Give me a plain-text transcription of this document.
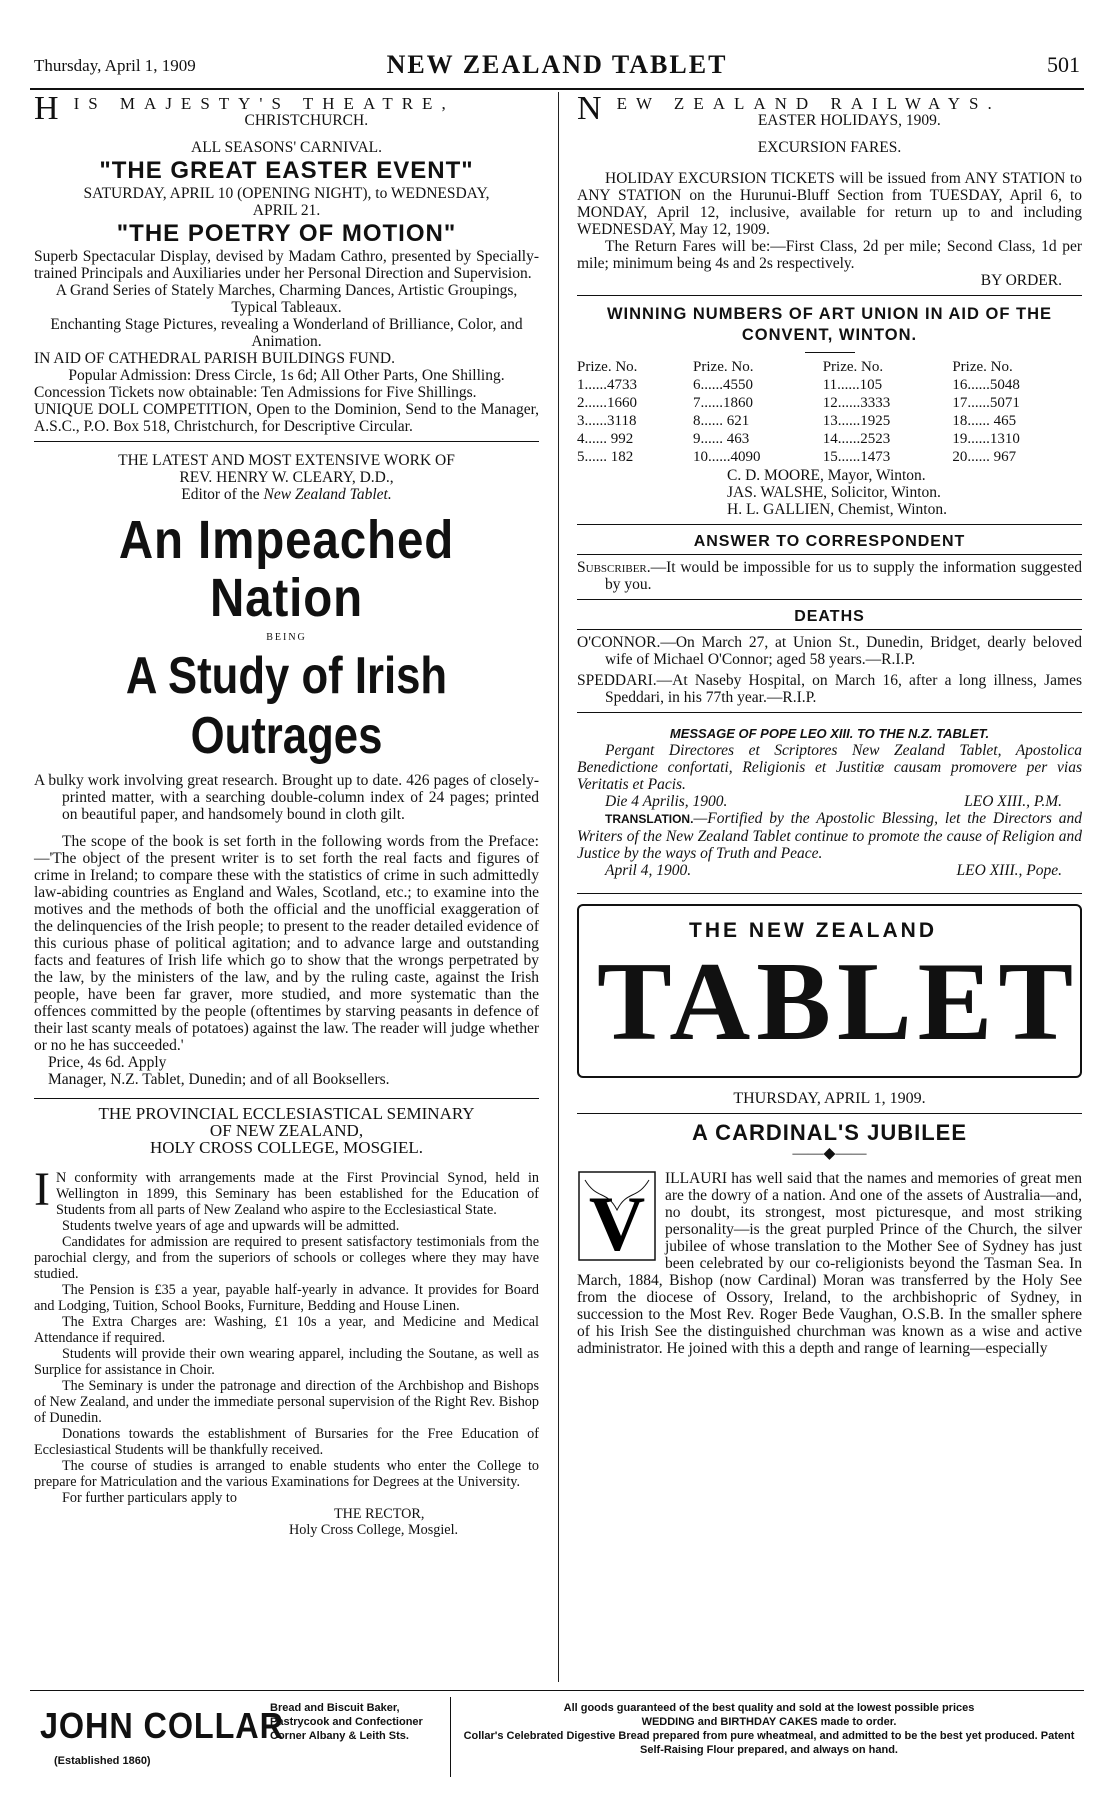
Thursday, April 1, 1909	NEW ZEALAND TABLET	501
HIS MAJESTY'S THEATRE,
CHRISTCHURCH.
ALL SEASONS' CARNIVAL.
"THE GREAT EASTER EVENT"
SATURDAY, APRIL 10 (OPENING NIGHT), to WEDNESDAY, APRIL 21.
"THE POETRY OF MOTION"
Superb Spectacular Display, devised by Madam Cathro, presented by Specially-trained Principals and Auxiliaries under her Personal Direction and Supervision.
A Grand Series of Stately Marches, Charming Dances, Artistic Groupings, Typical Tableaux.
Enchanting Stage Pictures, revealing a Wonderland of Brilliance, Color, and Animation.
IN AID OF CATHEDRAL PARISH BUILDINGS FUND.
Popular Admission: Dress Circle, 1s 6d; All Other Parts, One Shilling.
Concession Tickets now obtainable: Ten Admissions for Five Shillings.
UNIQUE DOLL COMPETITION, Open to the Dominion, Send to the Manager, A.S.C., P.O. Box 518, Christchurch, for Descriptive Circular.
THE LATEST AND MOST EXTENSIVE WORK OF
REV. HENRY W. CLEARY, D.D.,
Editor of the New Zealand Tablet.
An Impeached Nation
BEING
A Study of Irish Outrages
A bulky work involving great research. Brought up to date. 426 pages of closely-printed matter, with a searching double-column index of 24 pages; printed on beautiful paper, and handsomely bound in cloth gilt.
The scope of the book is set forth in the following words from the Preface:—'The object of the present writer is to set forth the real facts and figures of crime in Ireland; to compare these with the statistics of crime in such admittedly law-abiding countries as England and Wales, Scotland, etc.; to examine into the motives and the methods of both the official and the unofficial exaggeration of the delinquencies of the Irish people; to present to the reader detailed evidence of this curious phase of political agitation; and to advance large and outstanding facts and features of Irish life which go to show that the wrongs perpetrated by the law, by the ministers of the law, and by the ruling caste, against the Irish people, have been far graver, more studied, and more systematic than the offences committed by the people (oftentimes by starving peasants in defence of their last scanty meals of potatoes) against the law. The reader will judge whether or no he has succeeded.'
Price, 4s 6d. Apply
Manager, N.Z. Tablet, Dunedin; and of all Booksellers.
THE PROVINCIAL ECCLESIASTICAL SEMINARY
OF NEW ZEALAND,
HOLY CROSS COLLEGE, MOSGIEL.
I N conformity with arrangements made at the First Provincial Synod, held in Wellington in 1899, this Seminary has been established for the Education of Students from all parts of New Zealand who aspire to the Ecclesiastical State.
Students twelve years of age and upwards will be admitted.
Candidates for admission are required to present satisfactory testimonials from the parochial clergy, and from the superiors of schools or colleges where they may have studied.
The Pension is £35 a year, payable half-yearly in advance. It provides for Board and Lodging, Tuition, School Books, Furniture, Bedding and House Linen.
The Extra Charges are: Washing, £1 10s a year, and Medicine and Medical Attendance if required.
Students will provide their own wearing apparel, including the Soutane, as well as Surplice for assistance in Choir.
The Seminary is under the patronage and direction of the Archbishop and Bishops of New Zealand, and under the immediate personal supervision of the Right Rev. Bishop of Dunedin.
Donations towards the establishment of Bursaries for the Free Education of Ecclesiastical Students will be thankfully received.
The course of studies is arranged to enable students who enter the College to prepare for Matriculation and the various Examinations for Degrees at the University.
For further particulars apply to
THE RECTOR,
Holy Cross College, Mosgiel.
NEW ZEALAND RAILWAYS.
EASTER HOLIDAYS, 1909.
EXCURSION FARES.
HOLIDAY EXCURSION TICKETS will be issued from ANY STATION to ANY STATION on the Hurunui-Bluff Section from TUESDAY, April 6, to MONDAY, April 12, inclusive, available for return up to and including WEDNESDAY, May 12, 1909.
The Return Fares will be:—First Class, 2d per mile; Second Class, 1d per mile; minimum being 4s and 2s respectively.
BY ORDER.
WINNING NUMBERS OF ART UNION IN AID OF THE CONVENT, WINTON.
Prize. No.	Prize. No.	Prize. No.	Prize. No.
1......4733	6......4550	11......105	16......5048
2......1660	7......1860	12......3333	17......5071
3......3118	8...... 621	13......1925	18...... 465
4...... 992	9...... 463	14......2523	19......1310
5...... 182	10......4090	15......1473	20...... 967
C. D. MOORE, Mayor, Winton.
JAS. WALSHE, Solicitor, Winton.
H. L. GALLIEN, Chemist, Winton.
ANSWER TO CORRESPONDENT
Subscriber.—It would be impossible for us to supply the information suggested by you.
DEATHS
O'CONNOR.—On March 27, at Union St., Dunedin, Bridget, dearly beloved wife of Michael O'Connor; aged 58 years.—R.I.P.
SPEDDARI.—At Naseby Hospital, on March 16, after a long illness, James Speddari, in his 77th year.—R.I.P.
MESSAGE OF POPE LEO XIII. TO THE N.Z. TABLET.
Pergant Directores et Scriptores New Zealand Tablet, Apostolica Benedictione confortati, Religionis et Justitiæ causam promovere per vias Veritatis et Pacis.
Die 4 Aprilis, 1900.	LEO XIII., P.M.
TRANSLATION.—Fortified by the Apostolic Blessing, let the Directors and Writers of the New Zealand Tablet continue to promote the cause of Religion and Justice by the ways of Truth and Peace.
April 4, 1900.	LEO XIII., Pope.
THE NEW ZEALAND
TABLET
THURSDAY, APRIL 1, 1909.
A CARDINAL'S JUBILEE
——◆——
V
ILLAURI has well said that the names and memories of great men are the dowry of a nation. And one of the assets of Australia—and, no doubt, its strongest, most picturesque, and most striking personality—is the great purpled Prince of the Church, the silver jubilee of whose translation to the Mother See of Sydney has just been celebrated by our co-religionists beyond the Tasman Sea. In March, 1884, Bishop (now Cardinal) Moran was transferred by the Holy See from the diocese of Ossory, Ireland, to the archbishopric of Sydney, in succession to the Most Rev. Roger Bede Vaughan, O.S.B. In the smaller sphere of his Irish See the distinguished churchman was known as a wise and active administrator. He joined with this a depth and range of learning—especially
JOHN COLLAR
Bread and Biscuit Baker,
Pastrycook and Confectioner
Corner Albany & Leith Sts.
(Established 1860)
All goods guaranteed of the best quality and sold at the lowest possible prices
WEDDING and BIRTHDAY CAKES made to order.
Collar's Celebrated Digestive Bread prepared from pure wheatmeal, and admitted to be the best yet produced. Patent Self-Raising Flour prepared, and always on hand.
